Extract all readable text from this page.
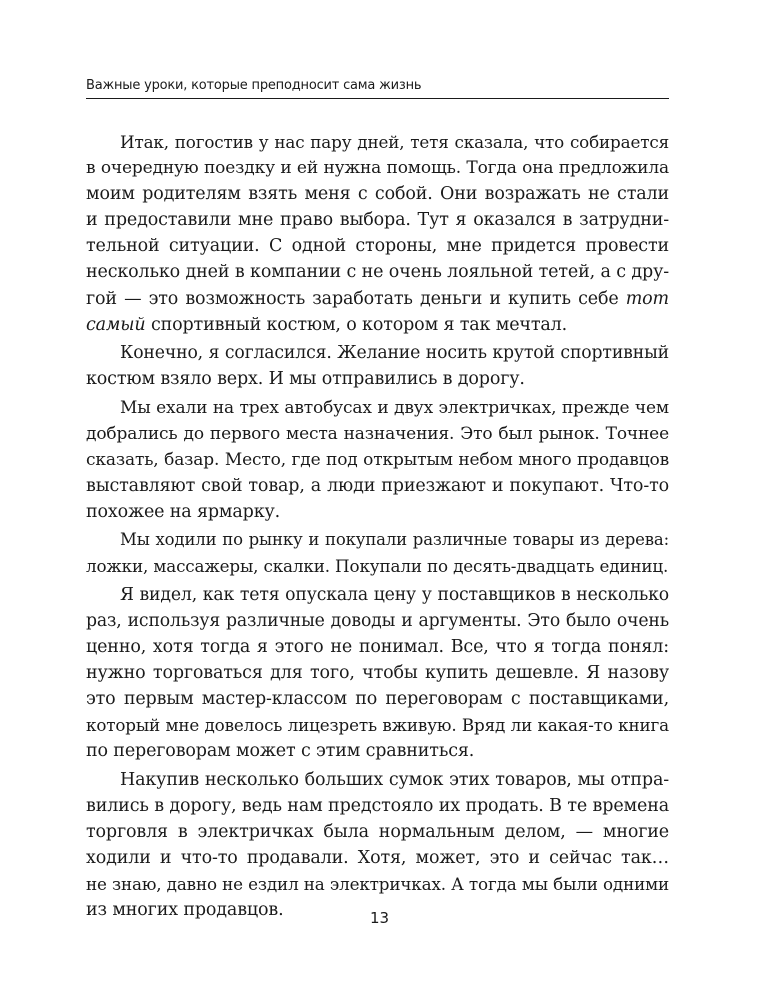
Важные уроки, которые преподносит сама жизнь
Итак, погостив у нас пару дней, тетя сказала, что собирается
в очередную поездку и ей нужна помощь. Тогда она предложила
моим родителям взять меня с собой. Они возражать не стали
и предоставили мне право выбора. Тут я оказался в затрудни-
тельной ситуации. С одной стороны, мне придется провести
несколько дней в компании с не очень лояльной тетей, а с дру-
гой — это возможность заработать деньги и купить себе тот
самый спортивный костюм, о котором я так мечтал.
Конечно, я согласился. Желание носить крутой спортивный
костюм взяло верх. И мы отправились в дорогу.
Мы ехали на трех автобусах и двух электричках, прежде чем
добрались до первого места назначения. Это был рынок. Точнее
сказать, базар. Место, где под открытым небом много продавцов
выставляют свой товар, а люди приезжают и покупают. Что-то
похожее на ярмарку.
Мы ходили по рынку и покупали различные товары из дерева:
ложки, массажеры, скалки. Покупали по десять-двадцать единиц.
Я видел, как тетя опускала цену у поставщиков в несколько
раз, используя различные доводы и аргументы. Это было очень
ценно, хотя тогда я этого не понимал. Все, что я тогда понял:
нужно торговаться для того, чтобы купить дешевле. Я назову
это первым мастер-классом по переговорам с поставщиками,
который мне довелось лицезреть вживую. Вряд ли какая-то книга
по переговорам может с этим сравниться.
Накупив несколько больших сумок этих товаров, мы отпра-
вились в дорогу, ведь нам предстояло их продать. В те времена
торговля в электричках была нормальным делом, — многие
ходили и что-то продавали. Хотя, может, это и сейчас так…
не знаю, давно не ездил на электричках. А тогда мы были одними
из многих продавцов.	13
